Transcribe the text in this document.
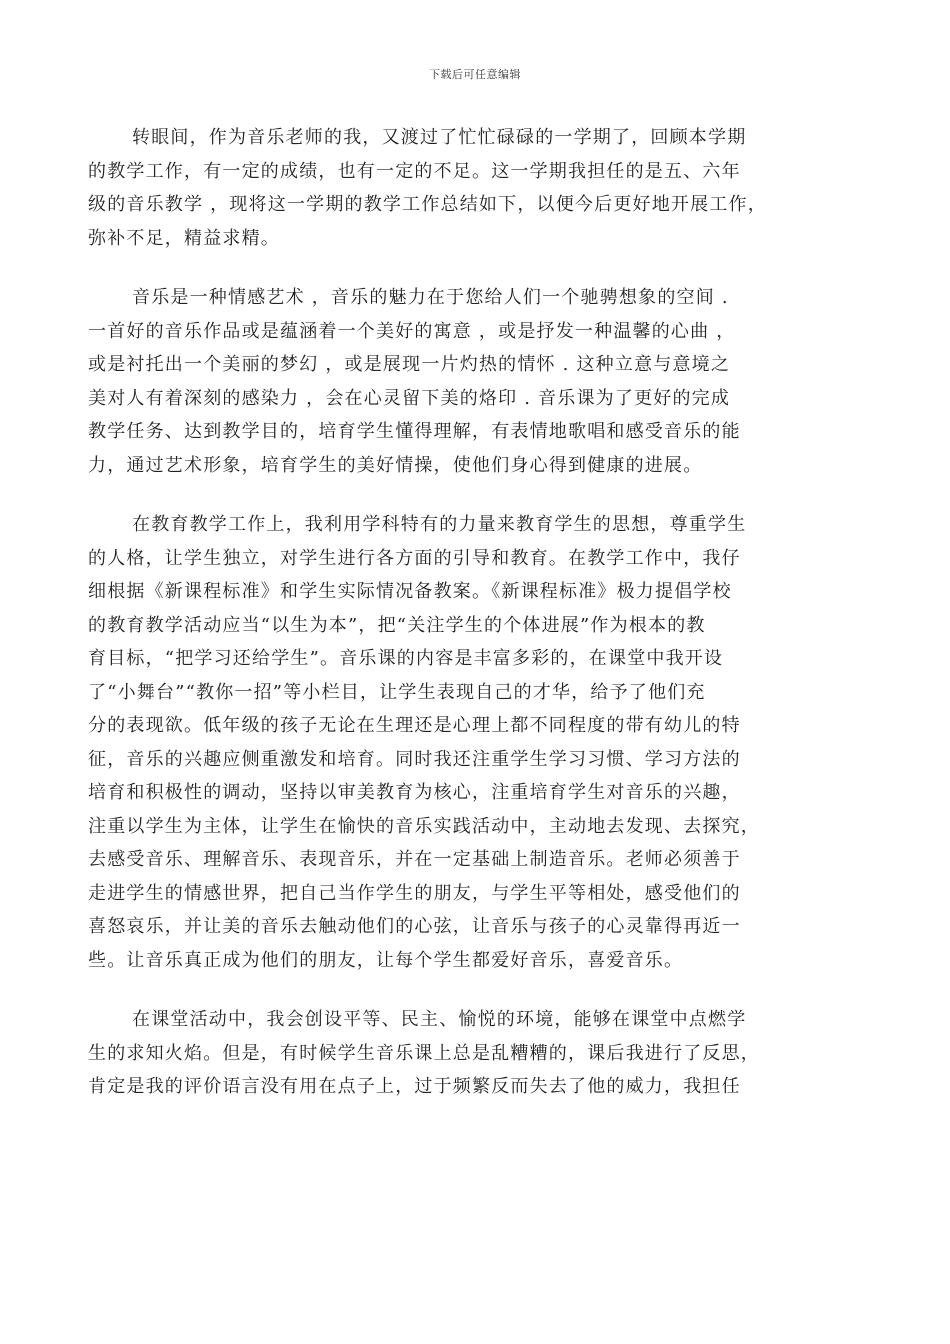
下载后可任意编辑

转眼间，作为音乐老师的我，又渡过了忙忙碌碌的一学期了，回顾本学期
的教学工作，有一定的成绩，也有一定的不足。这一学期我担任的是五、六年
级的音乐教学 ，现将这一学期的教学工作总结如下，以便今后更好地开展工作，
弥补不足，精益求精。

音乐是一种情感艺术 ，音乐的魅力在于您给人们一个驰骋想象的空间 .
一首好的音乐作品或是蕴涵着一个美好的寓意 ，或是抒发一种温馨的心曲 ，
或是衬托出一个美丽的梦幻 ，或是展现一片灼热的情怀 . 这种立意与意境之
美对人有着深刻的感染力 ，会在心灵留下美的烙印 . 音乐课为了更好的完成
教学任务、达到教学目的，培育学生懂得理解，有表情地歌唱和感受音乐的能
力，通过艺术形象，培育学生的美好情操，使他们身心得到健康的进展。

在教育教学工作上，我利用学科特有的力量来教育学生的思想，尊重学生
的人格，让学生独立，对学生进行各方面的引导和教育。在教学工作中，我仔
细根据《新课程标准》和学生实际情况备教案。《新课程标准》极力提倡学校
的教育教学活动应当“以生为本”，把“关注学生的个体进展”作为根本的教
育目标，“把学习还给学生”。音乐课的内容是丰富多彩的，在课堂中我开设
了“小舞台”“教你一招”等小栏目，让学生表现自己的才华，给予了他们充
分的表现欲。低年级的孩子无论在生理还是心理上都不同程度的带有幼儿的特
征，音乐的兴趣应侧重激发和培育。同时我还注重学生学习习惯、学习方法的
培育和积极性的调动，坚持以审美教育为核心，注重培育学生对音乐的兴趣，
注重以学生为主体，让学生在愉快的音乐实践活动中，主动地去发现、去探究，
去感受音乐、理解音乐、表现音乐，并在一定基础上制造音乐。老师必须善于
走进学生的情感世界，把自己当作学生的朋友，与学生平等相处，感受他们的
喜怒哀乐，并让美的音乐去触动他们的心弦，让音乐与孩子的心灵靠得再近一
些。让音乐真正成为他们的朋友，让每个学生都爱好音乐，喜爱音乐。

在课堂活动中，我会创设平等、民主、愉悦的环境，能够在课堂中点燃学
生的求知火焰。但是，有时候学生音乐课上总是乱糟糟的，课后我进行了反思，
肯定是我的评价语言没有用在点子上，过于频繁反而失去了他的威力，我担任
